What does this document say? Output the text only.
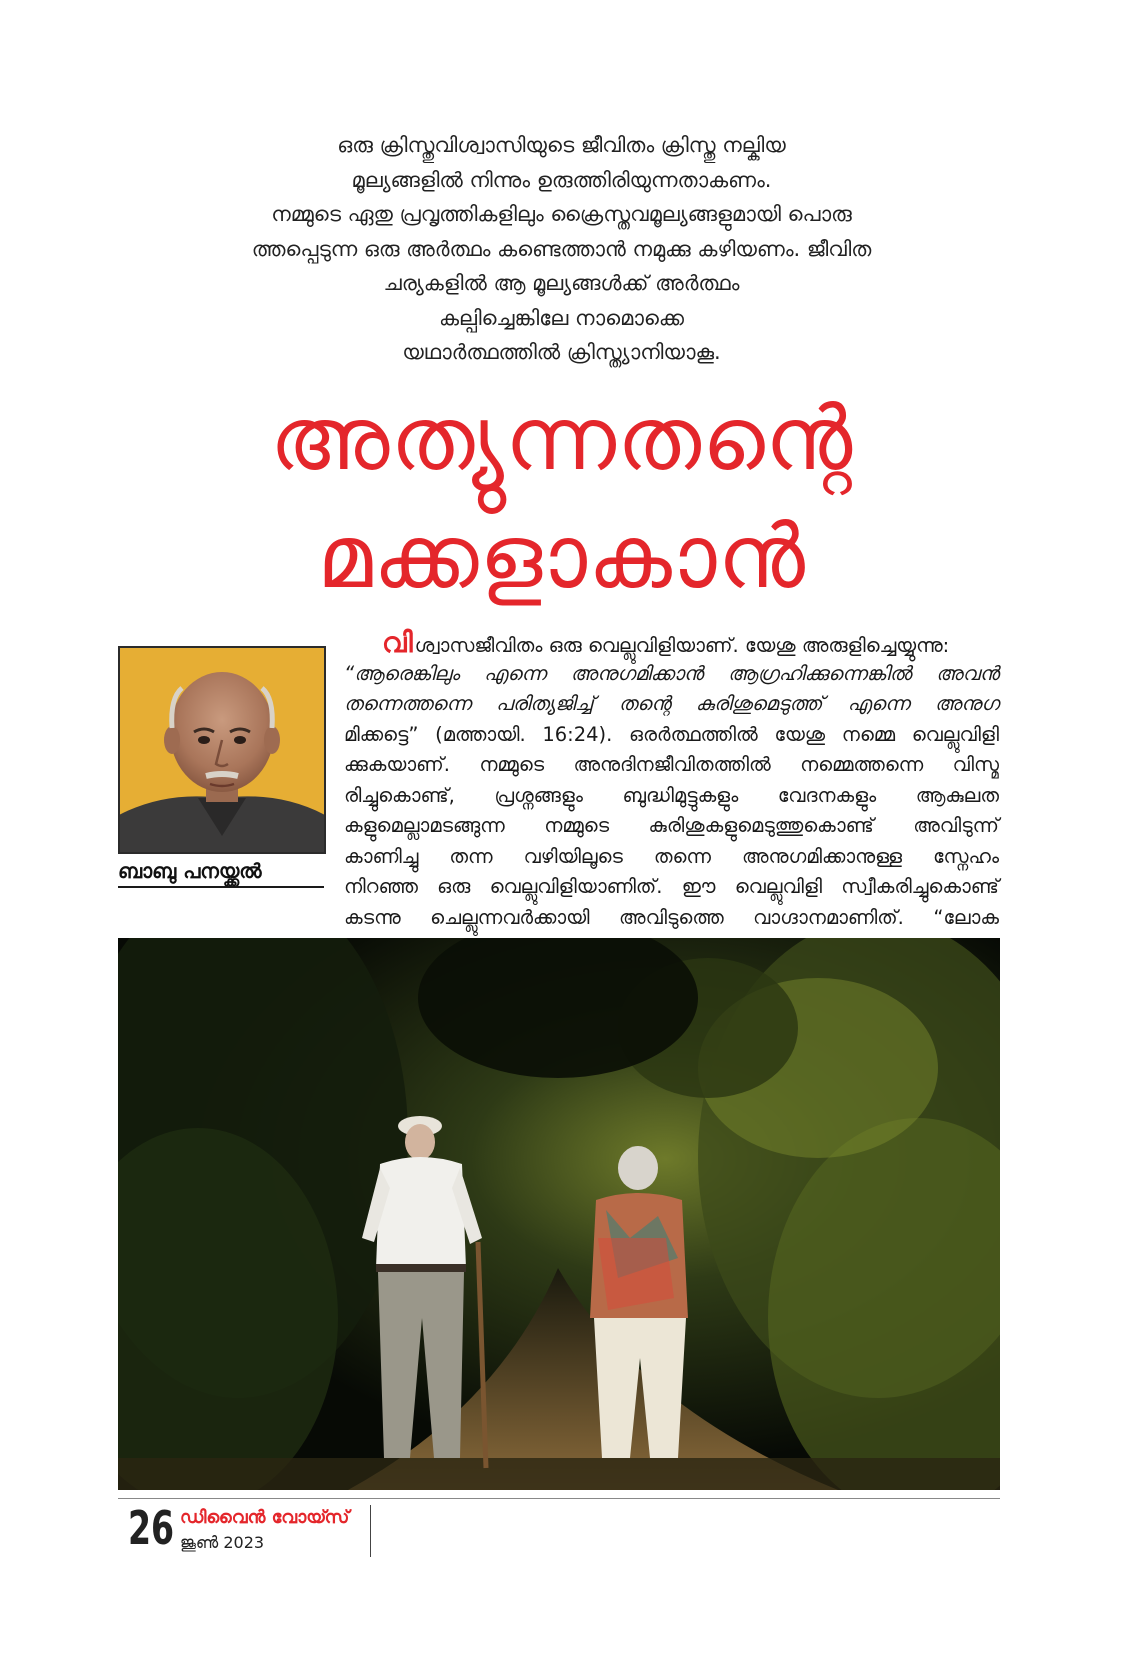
ഒരു ക്രിസ്തുവിശ്വാസിയുടെ ജീവിതം ക്രിസ്തു നല്കിയ
മൂല്യങ്ങളിൽ നിന്നും ഉരുത്തിരിയുന്നതാകണം.
നമ്മുടെ ഏതു പ്രവൃത്തികളിലും ക്രൈസ്തവമൂല്യങ്ങളുമായി പൊരു
ത്തപ്പെടുന്ന ഒരു അർത്ഥം കണ്ടെത്താൻ നമുക്കു കഴിയണം. ജീവിത
ചര്യകളിൽ ആ മൂല്യങ്ങൾക്ക് അർത്ഥം
കല്പിച്ചെങ്കിലേ നാമൊക്കെ
യഥാർത്ഥത്തിൽ ക്രിസ്ത്യാനിയാകൂ.
അത്യുന്നതന്റെ
മക്കളാകാൻ
ബാബു പനയ്ക്കൽ
വി ശ്വാസജീവിതം ഒരു വെല്ലുവിളിയാണ്. യേശു അരുളിച്ചെയ്യുന്നു:
“ആരെങ്കിലും എന്നെ അനുഗമിക്കാൻ ആഗ്രഹിക്കുന്നെങ്കിൽ അവൻ
തന്നെത്തന്നെ പരിത്യജിച്ച് തന്റെ കുരിശുമെടുത്ത് എന്നെ അനുഗ
മിക്കട്ടെ” (മത്തായി. 16:24). ഒരർത്ഥത്തിൽ യേശു നമ്മെ വെല്ലുവിളി
ക്കുകയാണ്. നമ്മുടെ അനുദിനജീവിതത്തിൽ നമ്മെത്തന്നെ വിസ്മ
രിച്ചുകൊണ്ട്, പ്രശ്നങ്ങളും ബുദ്ധിമുട്ടുകളും വേദനകളും ആകുലത
കളുമെല്ലാമടങ്ങുന്ന നമ്മുടെ കുരിശുകളുമെടുത്തുകൊണ്ട് അവിടുന്ന്
കാണിച്ചു തന്ന വഴിയിലൂടെ തന്നെ അനുഗമിക്കാനുള്ള സ്നേഹം
നിറഞ്ഞ ഒരു വെല്ലുവിളിയാണിത്. ഈ വെല്ലുവിളി സ്വീകരിച്ചുകൊണ്ട്
കടന്നു ചെല്ലുന്നവർക്കായി അവിടുത്തെ വാഗ്ദാനമാണിത്. “ലോക
26 ഡിവൈൻ വോയ്സ്
ജൂൺ 2023
